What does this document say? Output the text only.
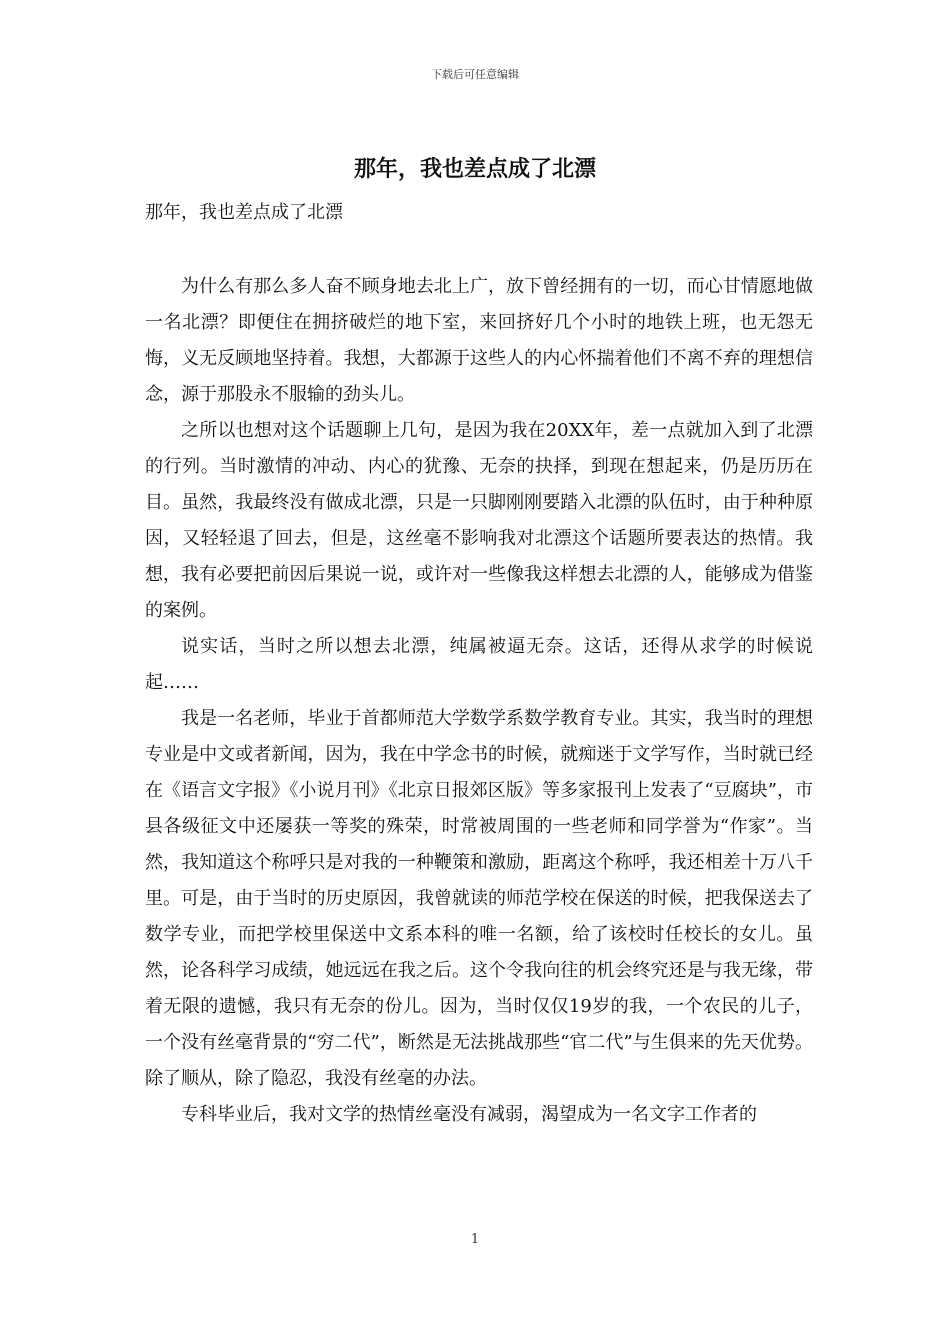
下载后可任意编辑
那年，我也差点成了北漂
那年，我也差点成了北漂

为什么有那么多人奋不顾身地去北上广，放下曾经拥有的一切，而心甘情愿地做一名北漂？即便住在拥挤破烂的地下室，来回挤好几个小时的地铁上班，也无怨无悔，义无反顾地坚持着。我想，大都源于这些人的内心怀揣着他们不离不弃的理想信念，源于那股永不服输的劲头儿。

之所以也想对这个话题聊上几句，是因为我在20XX年，差一点就加入到了北漂的行列。当时激情的冲动、内心的犹豫、无奈的抉择，到现在想起来，仍是历历在目。虽然，我最终没有做成北漂，只是一只脚刚刚要踏入北漂的队伍时，由于种种原因，又轻轻退了回去，但是，这丝毫不影响我对北漂这个话题所要表达的热情。我想，我有必要把前因后果说一说，或许对一些像我这样想去北漂的人，能够成为借鉴的案例。

说实话，当时之所以想去北漂，纯属被逼无奈。这话，还得从求学的时候说起……

我是一名老师，毕业于首都师范大学数学系数学教育专业。其实，我当时的理想专业是中文或者新闻，因为，我在中学念书的时候，就痴迷于文学写作，当时就已经在《语言文字报》《小说月刊》《北京日报郊区版》等多家报刊上发表了“豆腐块”，市县各级征文中还屡获一等奖的殊荣，时常被周围的一些老师和同学誉为“作家”。当然，我知道这个称呼只是对我的一种鞭策和激励，距离这个称呼，我还相差十万八千里。可是，由于当时的历史原因，我曾就读的师范学校在保送的时候，把我保送去了数学专业，而把学校里保送中文系本科的唯一名额，给了该校时任校长的女儿。虽然，论各科学习成绩，她远远在我之后。这个令我向往的机会终究还是与我无缘，带着无限的遗憾，我只有无奈的份儿。因为，当时仅仅19岁的我，一个农民的儿子，一个没有丝毫背景的“穷二代”，断然是无法挑战那些“官二代”与生俱来的先天优势。除了顺从，除了隐忍，我没有丝毫的办法。

专科毕业后，我对文学的热情丝毫没有减弱，渴望成为一名文字工作者的

1
